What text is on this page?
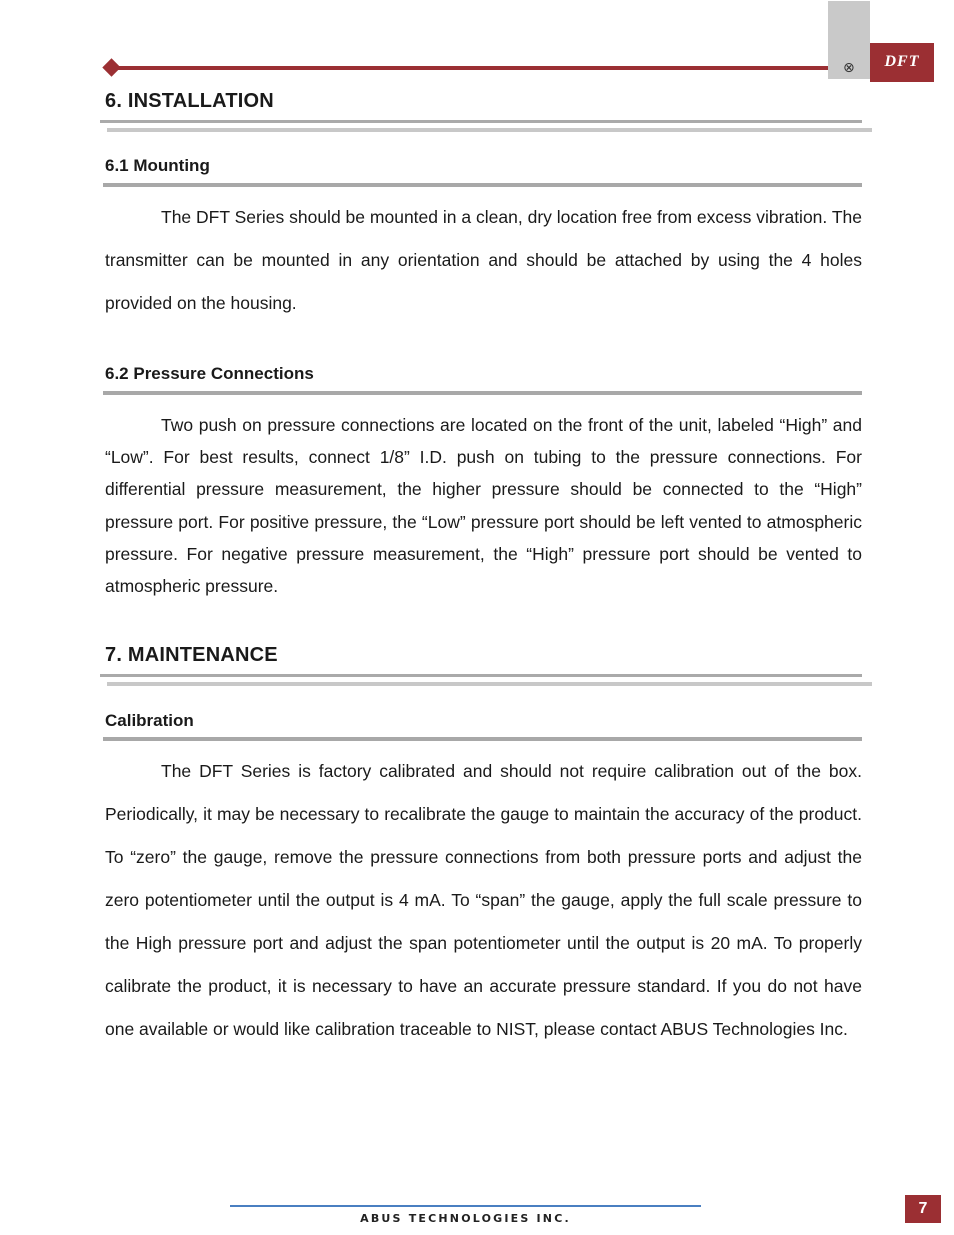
⊗	DFT
6. INSTALLATION
6.1 Mounting

The DFT Series should be mounted in a clean, dry location free from excess vibration. The transmitter can be mounted in any orientation and should be attached by using the 4 holes provided on the housing.

6.2 Pressure Connections

Two push on pressure connections are located on the front of the unit, labeled “High” and “Low”. For best results, connect 1/8” I.D. push on tubing to the pressure connections. For differential pressure measurement, the higher pressure should be connected to the “High” pressure port. For positive pressure, the “Low” pressure port should be left vented to atmospheric pressure. For negative pressure measurement, the “High” pressure port should be vented to atmospheric pressure.

7. MAINTENANCE
Calibration

The DFT Series is factory calibrated and should not require calibration out of the box. Periodically, it may be necessary to recalibrate the gauge to maintain the accuracy of the product. To “zero” the gauge, remove the pressure connections from both pressure ports and adjust the zero potentiometer until the output is 4 mA. To “span” the gauge, apply the full scale pressure to the High pressure port and adjust the span potentiometer until the output is 20 mA. To properly calibrate the product, it is necessary to have an accurate pressure standard. If you do not have one available or would like calibration traceable to NIST, please contact ABUS Technologies Inc.

ABUS TECHNOLOGIES INC.
7
